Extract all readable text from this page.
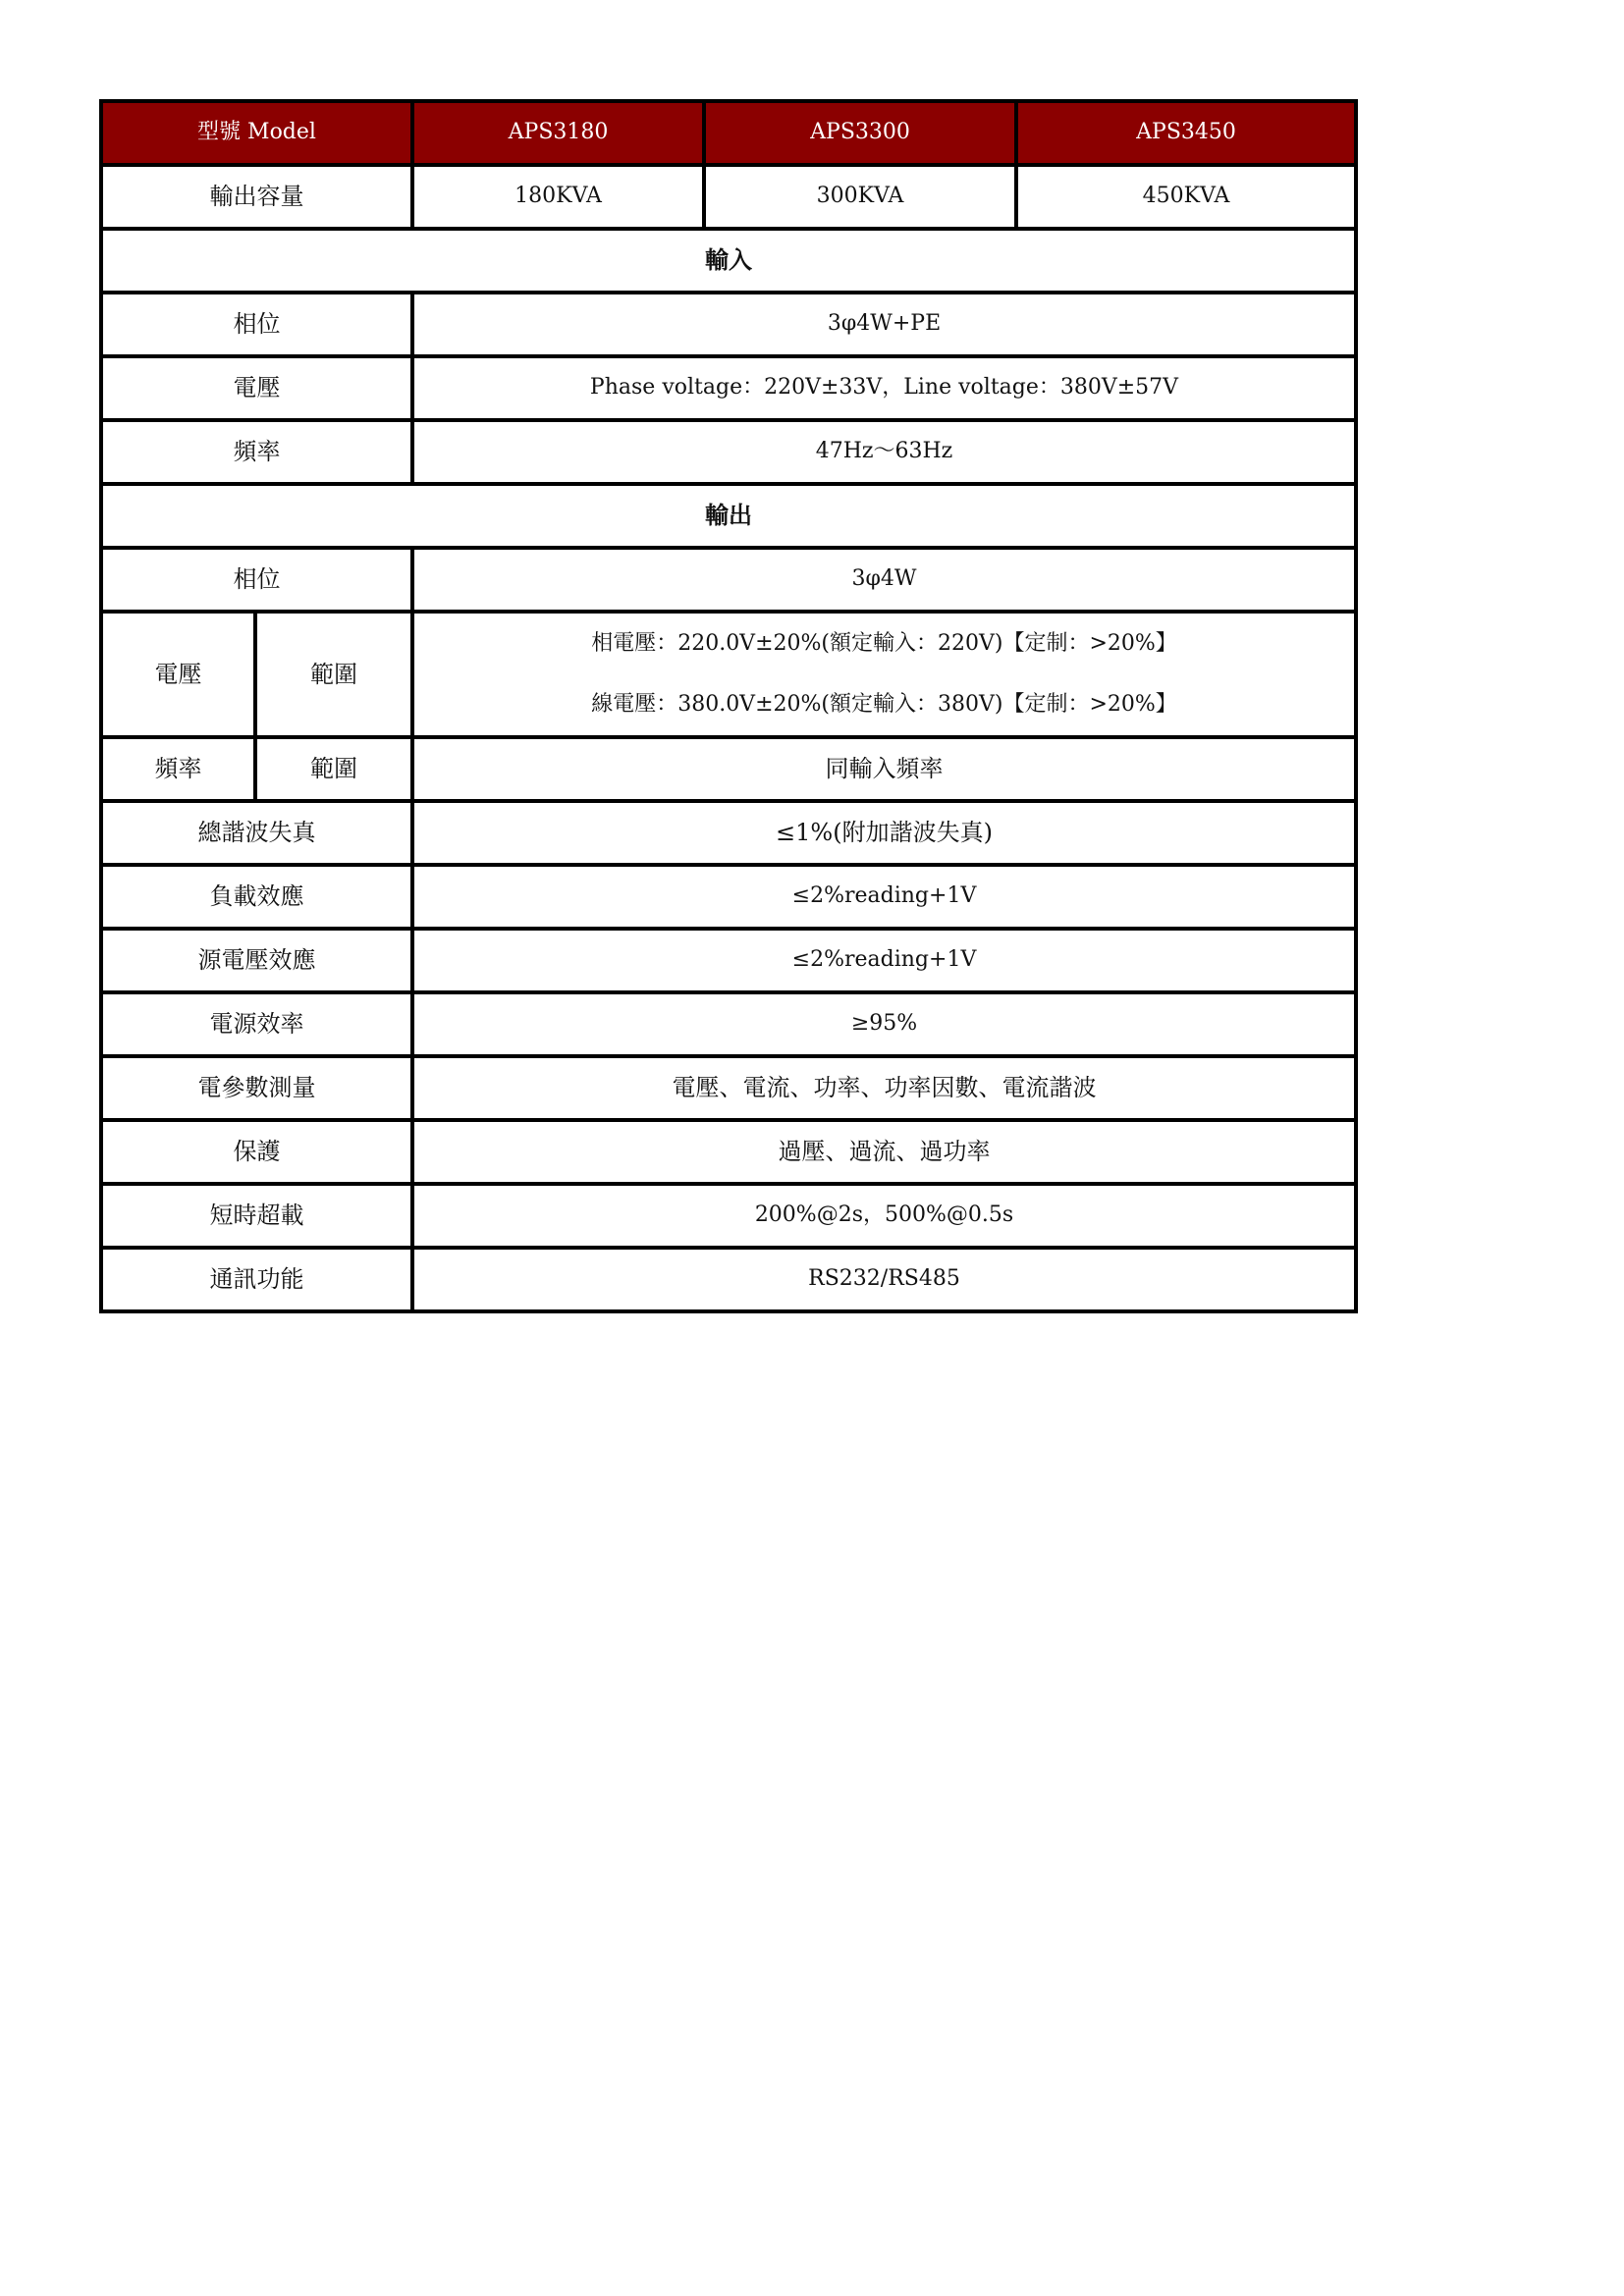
型號 Model		APS3180	APS3300	APS3450
輸出容量		180KVA	300KVA	450KVA
輸入				
相位		3φ4W+PE		
電壓		Phase voltage：220V±33V，Line voltage：380V±57V		
頻率		47Hz～63Hz		
輸出				
相位		3φ4W		
電壓	範圍	相電壓：220.0V±20%(額定輸入：220V)【定制：>20%】
線電壓：380.0V±20%(額定輸入：380V)【定制：>20%】		

頻率	範圍	同輸入頻率		
總諧波失真		≤1%(附加諧波失真)		
負載效應		≤2%reading+1V		
源電壓效應		≤2%reading+1V		
電源效率		≥95%		
電參數測量		電壓、電流、功率、功率因數、電流諧波		
保護		過壓、過流、過功率		
短時超載		200%@2s，500%@0.5s		
通訊功能		RS232/RS485		
